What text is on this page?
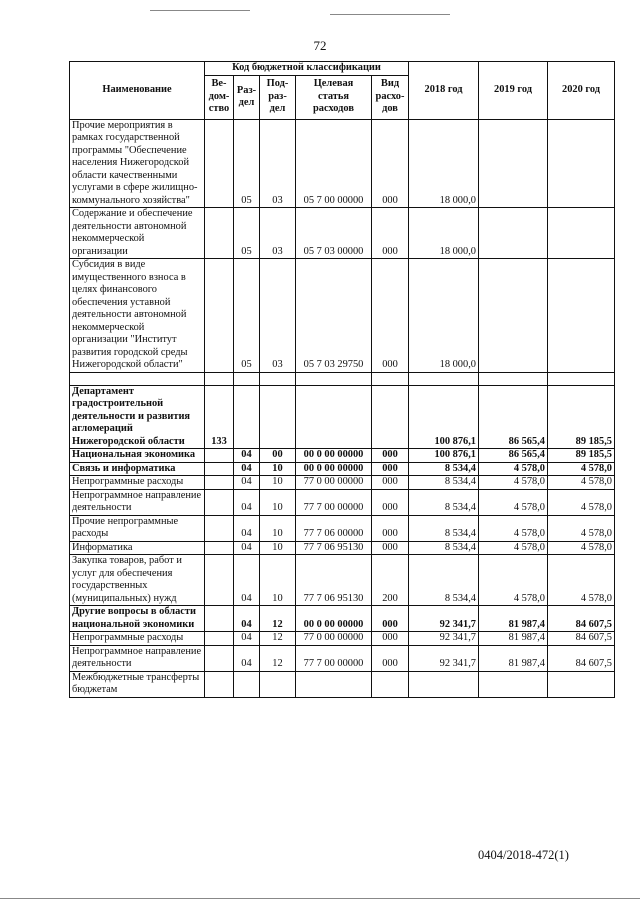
72
Наименование	Код бюджетной классификации					2018 год	2019 год	2020 год
	Ве-дом-ство	Раз-дел	Под-раз-дел	Целевая статья расходов	Вид расхо-дов			
Прочие мероприятия в рамках государственной программы "Обеспечение населения Нижегородской области качественными услугами в сфере жилищно-коммунального хозяйства"		05	03	05 7 00 00000	000	18 000,0		
Содержание и обеспечение деятельности автономной некоммерческой организации		05	03	05 7 03 00000	000	18 000,0		
Субсидия в виде имущественного взноса в целях финансового обеспечения уставной деятельности автономной некоммерческой организации "Институт развития городской среды Нижегородской области"		05	03	05 7 03 29750	000	18 000,0		

Департамент градостроительной деятельности и развития агломераций Нижегородской области	133					100 876,1	86 565,4	89 185,5
Национальная экономика		04	00	00 0 00 00000	000	100 876,1	86 565,4	89 185,5
Связь и информатика		04	10	00 0 00 00000	000	8 534,4	4 578,0	4 578,0
Непрограммные расходы		04	10	77 0 00 00000	000	8 534,4	4 578,0	4 578,0
Непрограммное направление деятельности		04	10	77 7 00 00000	000	8 534,4	4 578,0	4 578,0
Прочие непрограммные расходы		04	10	77 7 06 00000	000	8 534,4	4 578,0	4 578,0
Информатика		04	10	77 7 06 95130	000	8 534,4	4 578,0	4 578,0
Закупка товаров, работ и услуг для обеспечения государственных (муниципальных) нужд		04	10	77 7 06 95130	200	8 534,4	4 578,0	4 578,0
Другие вопросы в области национальной экономики		04	12	00 0 00 00000	000	92 341,7	81 987,4	84 607,5
Непрограммные расходы		04	12	77 0 00 00000	000	92 341,7	81 987,4	84 607,5
Непрограммное направление деятельности		04	12	77 7 00 00000	000	92 341,7	81 987,4	84 607,5
Межбюджетные трансферты бюджетам								
0404/2018-472(1)
